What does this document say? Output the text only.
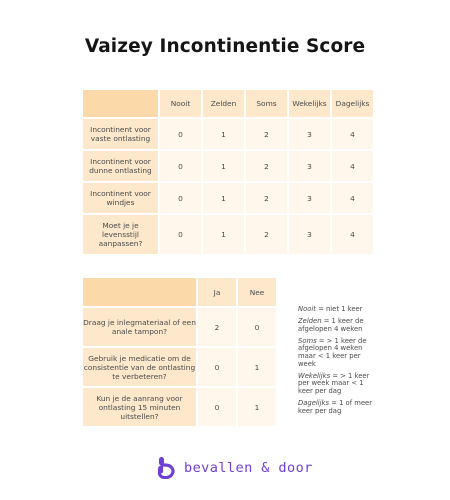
Vaizey Incontinentie Score
	Nooit	Zelden	Soms	Wekelijks	Dagelijks
Incontinent voor vaste ontlasting	0	1	2	3	4
Incontinent voor dunne ontlasting	0	1	2	3	4
Incontinent voor windjes	0	1	2	3	4
Moet je je levensstijl aanpassen?	0	1	2	3	4
	Ja	Nee
Draag je inlegmateriaal of een anale tampon?	2	0
Gebruik je medicatie om de consistentie van de ontlasting te verbeteren?	0	1
Kun je de aanrang voor ontlasting 15 minuten uitstellen?	0	1

Nooit = niet 1 keer

Zelden = 1 keer de afgelopen 4 weken

Soms = > 1 keer de afgelopen 4 weken maar < 1 keer per week

Wekelijks = > 1 keer per week maar < 1 keer per dag

Dagelijks = 1 of meer keer per dag

bevallen & door
